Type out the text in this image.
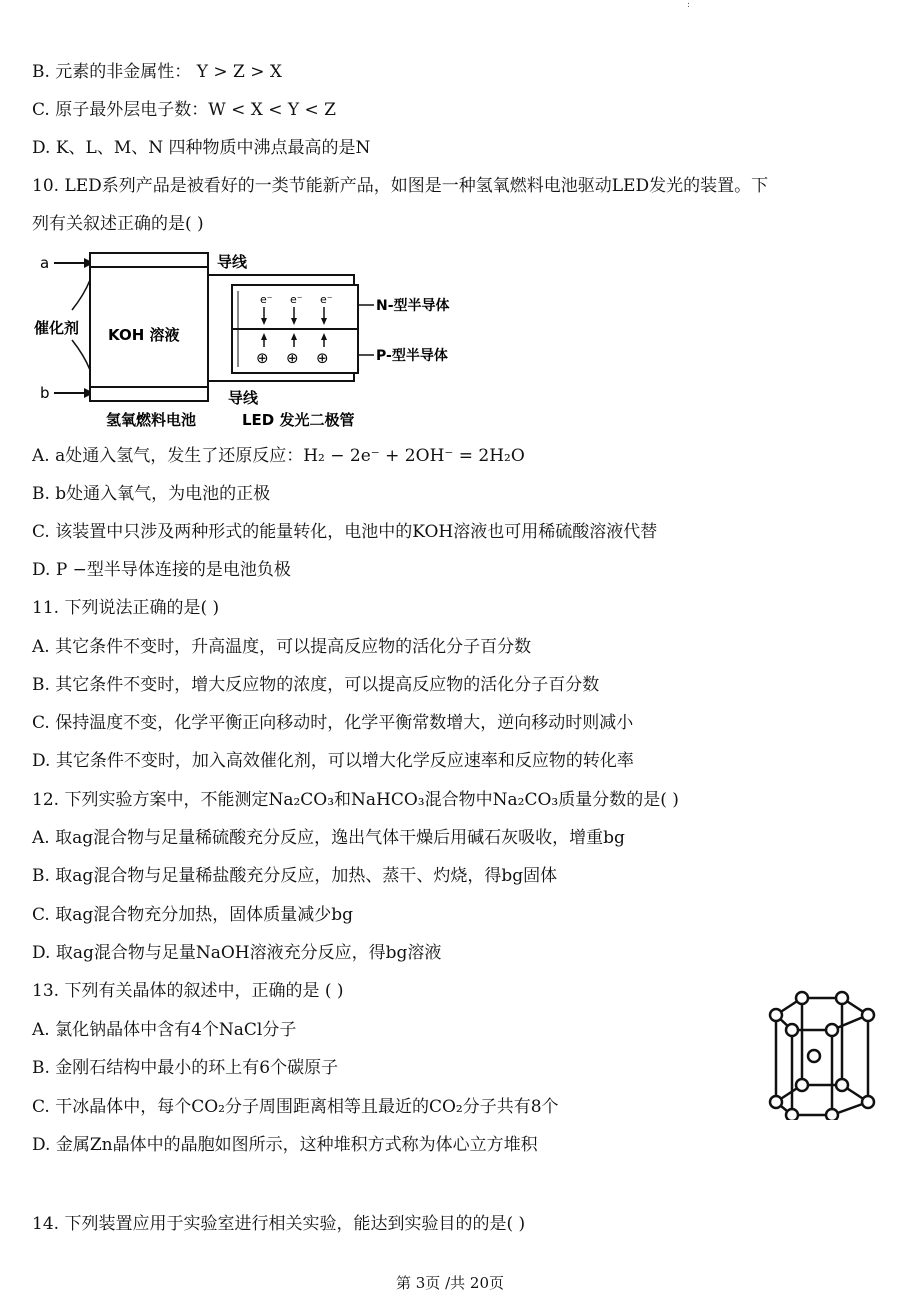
:
B. 元素的非金属性： Y > Z > X
C. 原子最外层电子数：W < X < Y < Z
D. K、L、M、N 四种物质中沸点最高的是N
10. LED系列产品是被看好的一类节能新产品，如图是一种氢氧燃料电池驱动LED发光的装置。下
列有关叙述正确的是( )
a
b
催化剂 KOH 溶液
导线
导线
e⁻ e⁻ e⁻
⊕ ⊕ ⊕
N-型半导体
P-型半导体
氢氧燃料电池	LED 发光二极管
A. a处通入氢气，发生了还原反应：H₂ − 2e⁻ + 2OH⁻ = 2H₂O
B. b处通入氧气，为电池的正极
C. 该装置中只涉及两种形式的能量转化，电池中的KOH溶液也可用稀硫酸溶液代替
D. P −型半导体连接的是电池负极
11. 下列说法正确的是( )
A. 其它条件不变时，升高温度，可以提高反应物的活化分子百分数
B. 其它条件不变时，增大反应物的浓度，可以提高反应物的活化分子百分数
C. 保持温度不变，化学平衡正向移动时，化学平衡常数增大，逆向移动时则减小
D. 其它条件不变时，加入高效催化剂，可以增大化学反应速率和反应物的转化率
12. 下列实验方案中，不能测定Na₂CO₃和NaHCO₃混合物中Na₂CO₃质量分数的是( )
A. 取ag混合物与足量稀硫酸充分反应，逸出气体干燥后用碱石灰吸收，增重bg
B. 取ag混合物与足量稀盐酸充分反应，加热、蒸干、灼烧，得bg固体
C. 取ag混合物充分加热，固体质量减少bg
D. 取ag混合物与足量NaOH溶液充分反应，得bg溶液
13. 下列有关晶体的叙述中，正确的是 ( )
A. 氯化钠晶体中含有4个NaCl分子
B. 金刚石结构中最小的环上有6个碳原子
C. 干冰晶体中，每个CO₂分子周围距离相等且最近的CO₂分子共有8个
D. 金属Zn晶体中的晶胞如图所示，这种堆积方式称为体心立方堆积
14. 下列装置应用于实验室进行相关实验，能达到实验目的的是( )
第 3页 /共 20页
